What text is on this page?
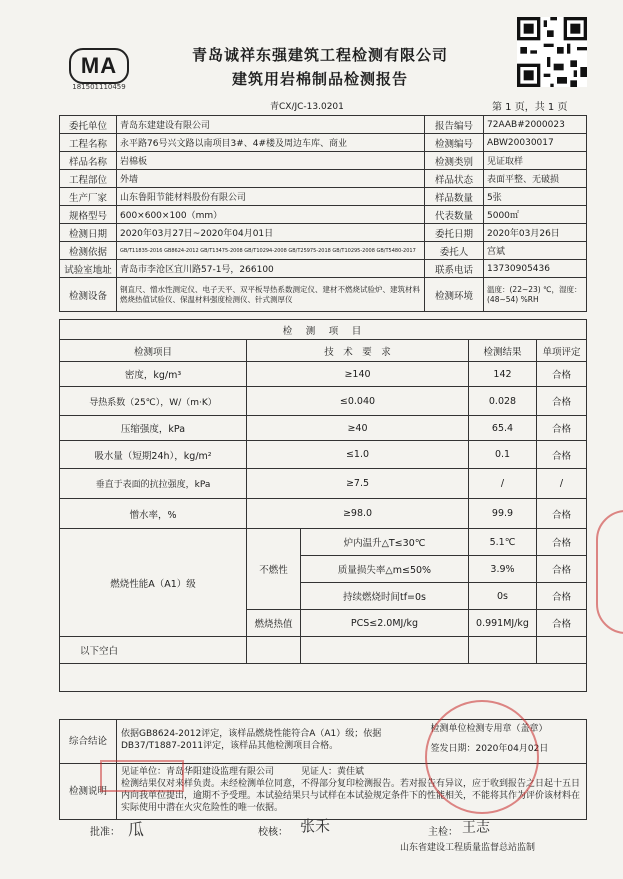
MA
181501110459
青岛诚祥东强建筑工程检测有限公司
建筑用岩棉制品检测报告
青CX/JC-13.0201	第 1 页，共 1 页
委托单位	青岛东建建设有限公司	报告编号	72AAB#2000023
工程名称	永平路76号兴文路以南项目3#、4#楼及周边车库、商业	检测编号	ABW20030017
样品名称	岩棉板	检测类别	见证取样
工程部位	外墙	样品状态	表面平整、无破损
生产厂家	山东鲁阳节能材料股份有限公司	样品数量	5张
规格型号	600×600×100（mm）	代表数量	5000㎡
检测日期	2020年03月27日~2020年04月01日	委托日期	2020年03月26日
检测依据	GB/T11835-2016 GB8624-2012 GB/T13475-2008 GB/T10294-2008 GB/T25975-2018 GB/T10295-2008 GB/T5480-2017	委托人	宫斌
试验室地址	青岛市李沧区宜川路57-1号，266100	联系电话	13730905436
检测设备	钢直尺、憎水性测定仪、电子天平、双平板导热系数测定仪、建材不燃烧试验炉、建筑材料燃烧热值试验仪、保温材料强度检测仪、针式测厚仪	检测环境	温度：(22~23) ℃，湿度：(48~54) %RH
检　测　项　目				
检测项目	技　术　要　求		检测结果	单项评定
密度，kg/m³	≥140		142	合格
导热系数（25℃），W/（m·K）	≤0.040		0.028	合格
压缩强度，kPa	≥40		65.4	合格
吸水量（短期24h），kg/m²	≤1.0		0.1	合格
垂直于表面的抗拉强度，kPa	≥7.5		/	/
憎水率，%	≥98.0		99.9	合格
燃烧性能A（A1）级	不燃性	炉内温升△T≤30℃	5.1℃	合格
		质量损失率△m≤50%	3.9%	合格
		持续燃烧时间tf=0s	0s	合格
	燃烧热值	PCS≤2.0MJ/kg	0.991MJ/kg	合格
以下空白				

综合结论	依据GB8624-2012评定，该样品燃烧性能符合A（A1）级；依据DB37/T1887-2011评定，该样品其他检测项目合格。	检测单位检测专用章（盖章）
签发日期：2020年04月02日

检测说明	见证单位：青岛华阳建设监理有限公司　　　见证人：黄佳斌
检测结果仅对来样负责。未经检测单位同意，不得部分复印检测报告。若对报告有异议，应于收到报告之日起十五日内向我单位提出，逾期不予受理。本试验结果只与试样在本试验规定条件下的性能相关，不能将其作为评价该材料在实际使用中潜在火灾危险性的唯一依据。	
批准： 瓜	校核： 张禾	主检： 王志
山东省建设工程质量监督总站监制
